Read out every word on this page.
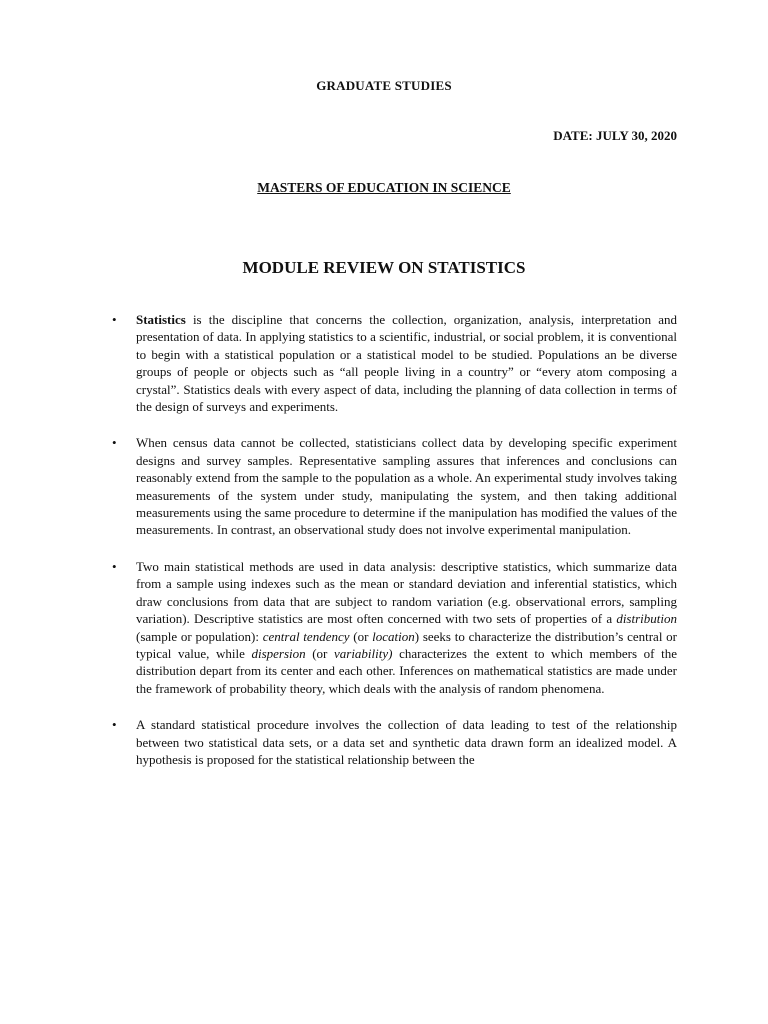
GRADUATE STUDIES
DATE: JULY 30, 2020
MASTERS OF EDUCATION IN SCIENCE
MODULE REVIEW ON STATISTICS
• Statistics is the discipline that concerns the collection, organization, analysis, interpretation and presentation of data. In applying statistics to a scientific, industrial, or social problem, it is conventional to begin with a statistical population or a statistical model to be studied. Populations an be diverse groups of people or objects such as “all people living in a country” or “every atom composing a crystal”. Statistics deals with every aspect of data, including the planning of data collection in terms of the design of surveys and experiments.
• When census data cannot be collected, statisticians collect data by developing specific experiment designs and survey samples. Representative sampling assures that inferences and conclusions can reasonably extend from the sample to the population as a whole. An experimental study involves taking measurements of the system under study, manipulating the system, and then taking additional measurements using the same procedure to determine if the manipulation has modified the values of the measurements. In contrast, an observational study does not involve experimental manipulation.
• Two main statistical methods are used in data analysis: descriptive statistics, which summarize data from a sample using indexes such as the mean or standard deviation and inferential statistics, which draw conclusions from data that are subject to random variation (e.g. observational errors, sampling variation). Descriptive statistics are most often concerned with two sets of properties of a distribution (sample or population): central tendency (or location) seeks to characterize the distribution’s central or typical value, while dispersion (or variability) characterizes the extent to which members of the distribution depart from its center and each other. Inferences on mathematical statistics are made under the framework of probability theory, which deals with the analysis of random phenomena.
• A standard statistical procedure involves the collection of data leading to test of the relationship between two statistical data sets, or a data set and synthetic data drawn form an idealized model. A hypothesis is proposed for the statistical relationship between the
